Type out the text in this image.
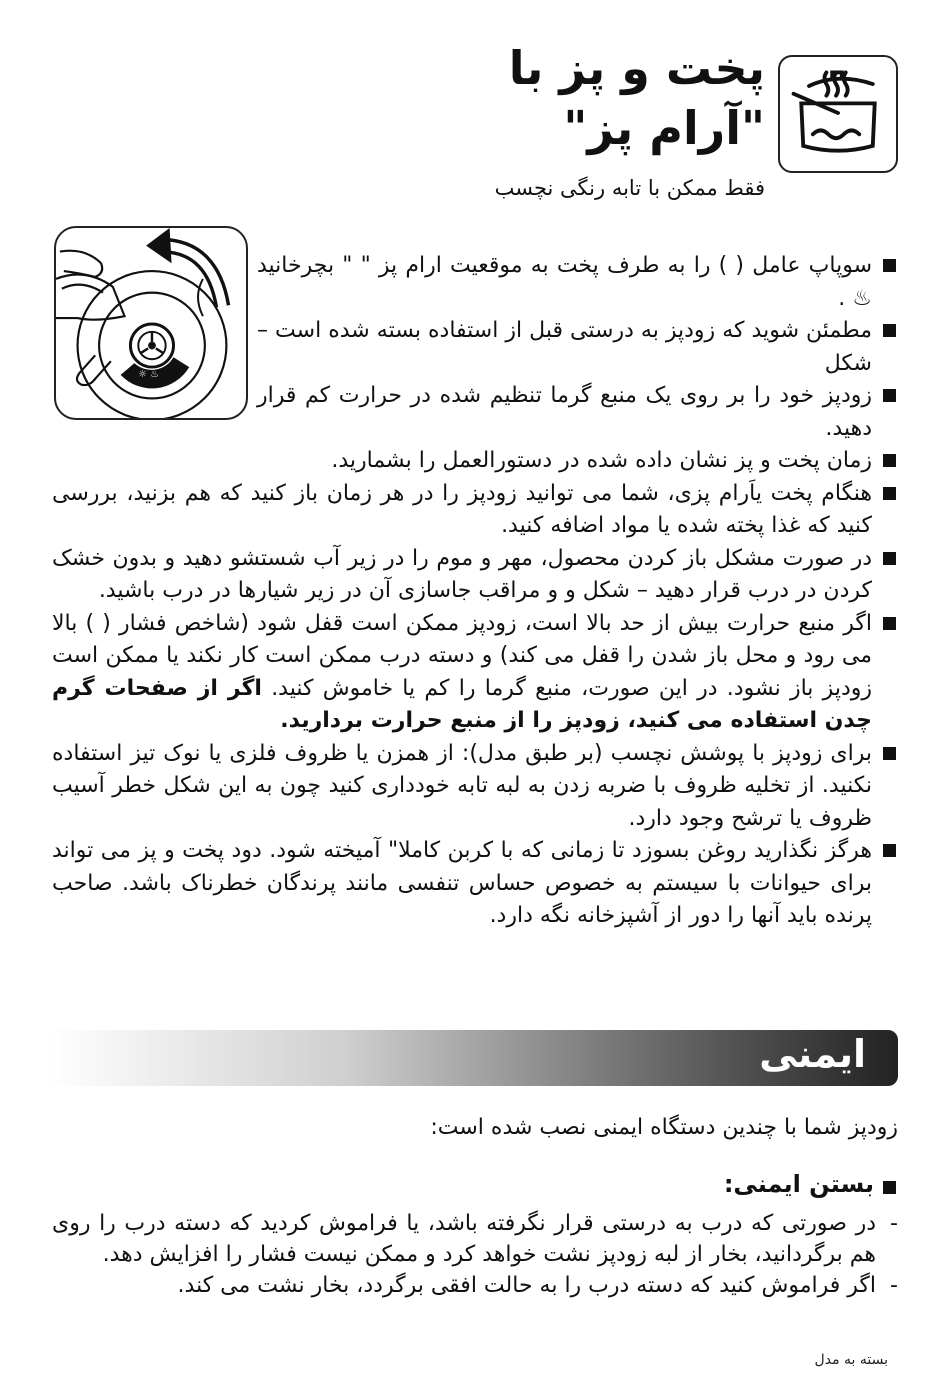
پخت و پز با
"آرام پز"
فقط ممکن با تابه رنگی نچسب
☼ ♨
سوپاپ عامل ( ) را به طرف پخت به موقعیت ارام پز " " بچرخانید ♨ .
مطمئن شوید که زودپز به درستی قبل از استفاده بسته شده است – شکل
زودپز خود را بر روی یک منبع گرما تنظیم شده در حرارت کم قرار دهید.
زمان پخت و پز نشان داده شده در دستورالعمل را بشمارید.
هنگام پخت یاَرام پزی، شما می توانید زودپز را در هر زمان باز کنید که هم بزنید، بررسی کنید که غذا پخته شده یا مواد اضافه کنید.
در صورت مشکل باز کردن محصول، مهر و موم را در زیر آب شستشو دهید و بدون خشک کردن در درب قرار دهید – شکل و و مراقب جاسازی آن در زیر شیارها در درب باشید.
اگر منبع حرارت بیش از حد بالا است، زودپز ممکن است قفل شود (شاخص فشار ( ) بالا می رود و محل باز شدن را قفل می کند) و دسته درب ممکن است کار نکند یا ممکن است زودپز باز نشود. در این صورت، منبع گرما را کم یا خاموش کنید. اگر از صفحات گرم چدن استفاده می کنید، زودپز را از منبع حرارت بردارید.
برای زودپز با پوشش نچسب (بر طبق مدل): از همزن یا ظروف فلزی یا نوک تیز استفاده نکنید. از تخلیه ظروف با ضربه زدن به لبه تابه خودداری کنید چون به این شکل خطر آسیب ظروف یا ترشح وجود دارد.
هرگز نگذارید روغن بسوزد تا زمانی که با کربن کاملا" آمیخته شود. دود پخت و پز می تواند برای حیوانات با سیستم به خصوص حساس تنفسی مانند پرندگان خطرناک باشد. صاحب پرنده باید آنها را دور از آشپزخانه نگه دارد.
ایمنی
زودپز شما با چندین دستگاه ایمنی نصب شده است:
بستن ایمنی:
-
در صورتی که درب به درستی قرار نگرفته باشد، یا فراموش کردید که دسته درب را روی هم برگردانید، بخار از لبه زودپز نشت خواهد کرد و ممکن نیست فشار را افزایش دهد.
-
اگر فراموش کنید که دسته درب را به حالت افقی برگردد، بخار نشت می کند.
بسته به مدل
